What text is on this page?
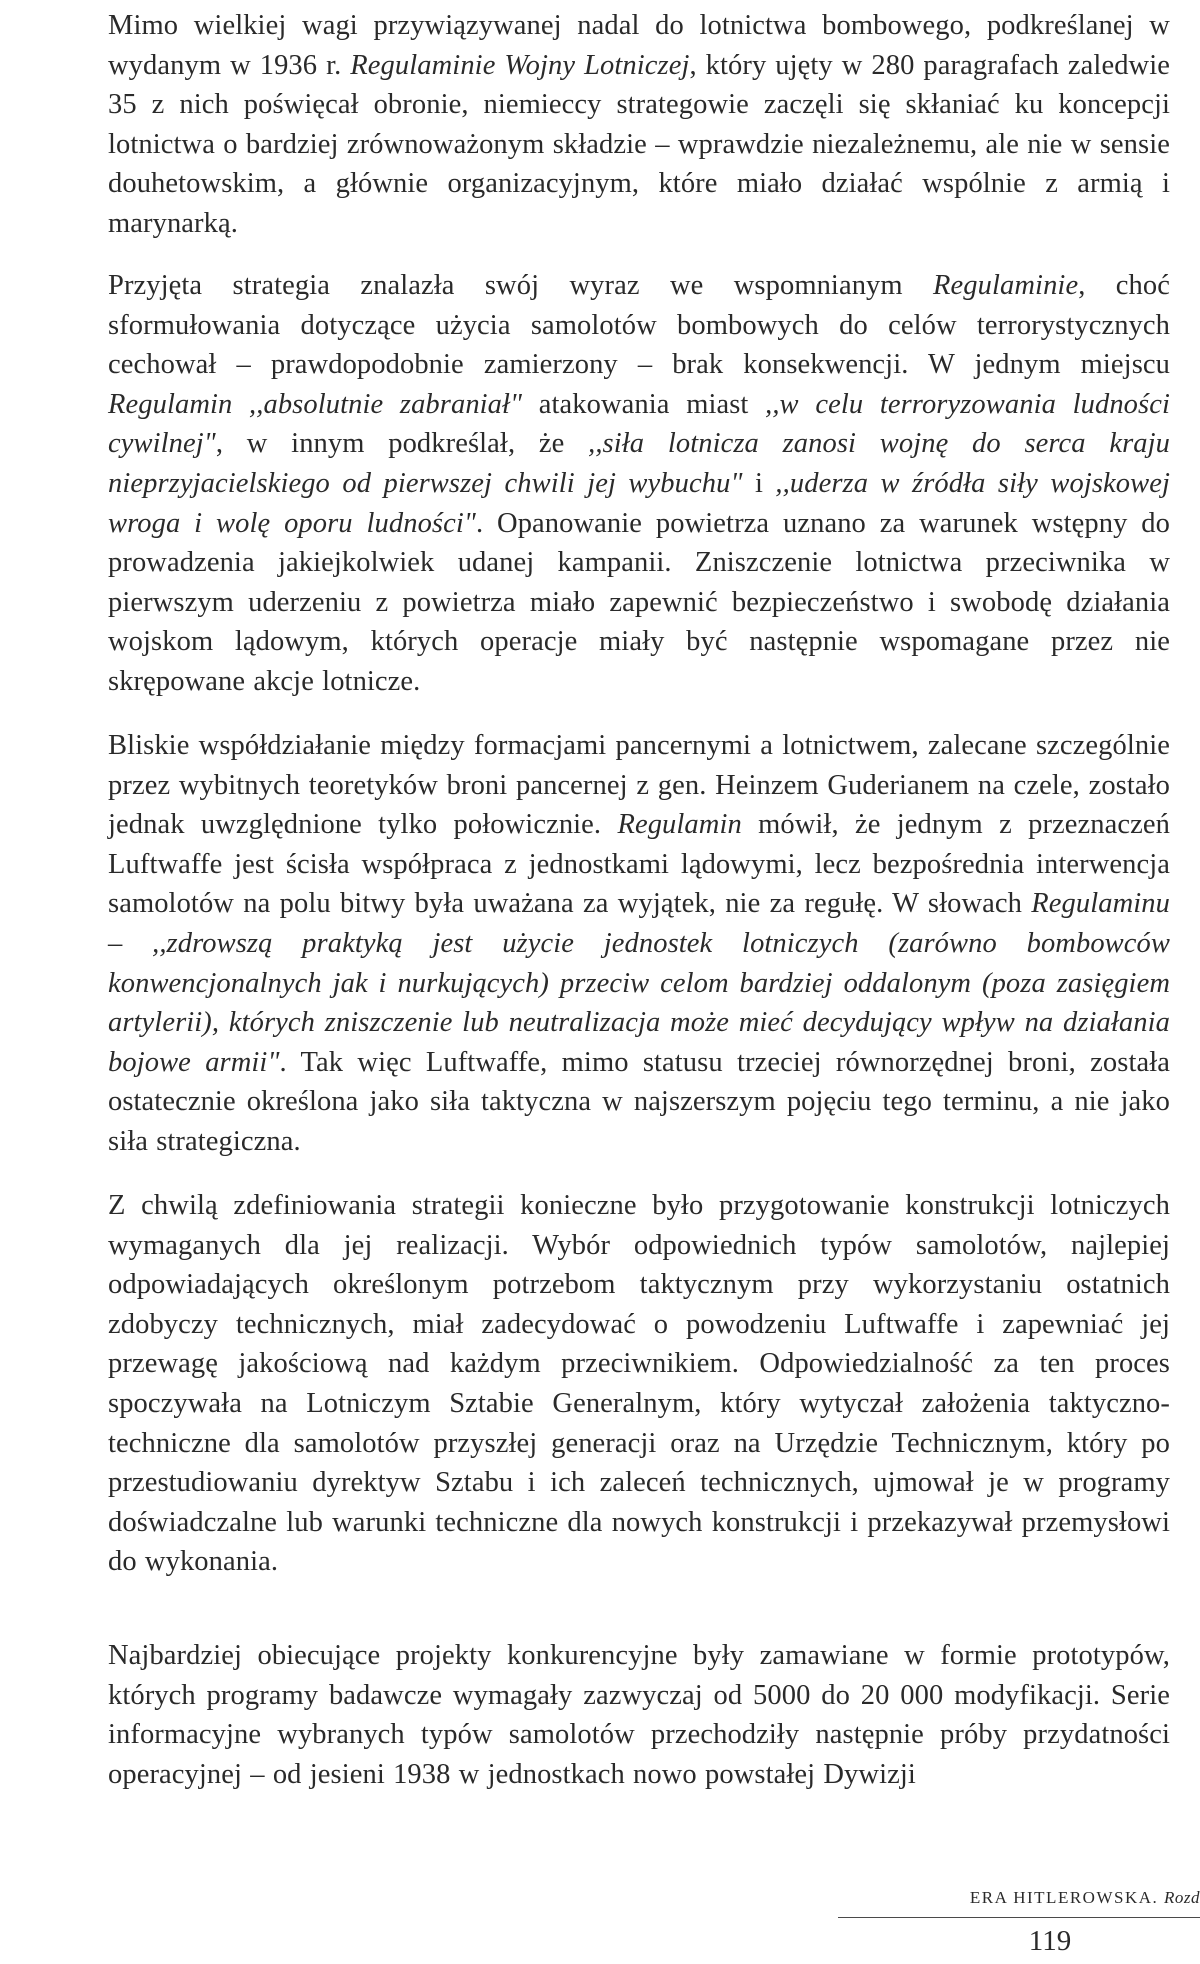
Mimo wielkiej wagi przywiązywanej nadal do lotnictwa bombowego, podkreślanej w wydanym w 1936 r. Regulaminie Wojny Lotniczej, który ujęty w 280 paragrafach zaledwie 35 z nich poświęcał obronie, niemieccy strategowie zaczęli się skłaniać ku koncepcji lotnictwa o bardziej zrównoważonym składzie – wprawdzie niezależnemu, ale nie w sensie douhetowskim, a głównie organizacyjnym, które miało działać wspólnie z armią i marynarką.

Przyjęta strategia znalazła swój wyraz we wspomnianym Regulaminie, choć sformułowania dotyczące użycia samolotów bombowych do celów terrorystycznych cechował – prawdopodobnie zamierzony – brak konsekwencji. W jednym miejscu Regulamin ,,absolutnie zabraniał" atakowania miast ,,w celu terroryzowania ludności cywilnej", w innym podkreślał, że ,,siła lotnicza zanosi wojnę do serca kraju nieprzyjacielskiego od pierwszej chwili jej wybuchu" i ,,uderza w źródła siły wojskowej wroga i wolę oporu ludności". Opanowanie powietrza uznano za warunek wstępny do prowadzenia jakiejkolwiek udanej kampanii. Zniszczenie lotnictwa przeciwnika w pierwszym uderzeniu z powietrza miało zapewnić bezpieczeństwo i swobodę działania wojskom lądowym, których operacje miały być następnie wspomagane przez nie skrępowane akcje lotnicze.

Bliskie współdziałanie między formacjami pancernymi a lotnictwem, zalecane szczególnie przez wybitnych teoretyków broni pancernej z gen. Heinzem Guderianem na czele, zostało jednak uwzględnione tylko połowicznie. Regulamin mówił, że jednym z przeznaczeń Luftwaffe jest ścisła współpraca z jednostkami lądowymi, lecz bezpośrednia interwencja samolotów na polu bitwy była uważana za wyjątek, nie za regułę. W słowach Regulaminu – ,,zdrowszą praktyką jest użycie jednostek lotniczych (zarówno bombowców konwencjonalnych jak i nurkujących) przeciw celom bardziej oddalonym (poza zasięgiem artylerii), których zniszczenie lub neutralizacja może mieć decydujący wpływ na działania bojowe armii". Tak więc Luftwaffe, mimo statusu trzeciej równorzędnej broni, została ostatecznie określona jako siła taktyczna w najszerszym pojęciu tego terminu, a nie jako siła strategiczna.

Z chwilą zdefiniowania strategii konieczne było przygotowanie konstrukcji lotniczych wymaganych dla jej realizacji. Wybór odpowiednich typów samolotów, najlepiej odpowiadających określonym potrzebom taktycznym przy wykorzystaniu ostatnich zdobyczy technicznych, miał zadecydować o powodzeniu Luftwaffe i zapewniać jej przewagę jakościową nad każdym przeciwnikiem. Odpowiedzialność za ten proces spoczywała na Lotniczym Sztabie Generalnym, który wytyczał założenia taktyczno-techniczne dla samolotów przyszłej generacji oraz na Urzędzie Technicznym, który po przestudiowaniu dyrektyw Sztabu i ich zaleceń technicznych, ujmował je w programy doświadczalne lub warunki techniczne dla nowych konstrukcji i przekazywał przemysłowi do wykonania.

Najbardziej obiecujące projekty konkurencyjne były zamawiane w formie prototypów, których programy badawcze wymagały zazwyczaj od 5000 do 20 000 modyfikacji. Serie informacyjne wybranych typów samolotów przechodziły następnie próby przydatności operacyjnej – od jesieni 1938 w jednostkach nowo powstałej Dywizji

ERA HITLEROWSKA. Rozd
119
